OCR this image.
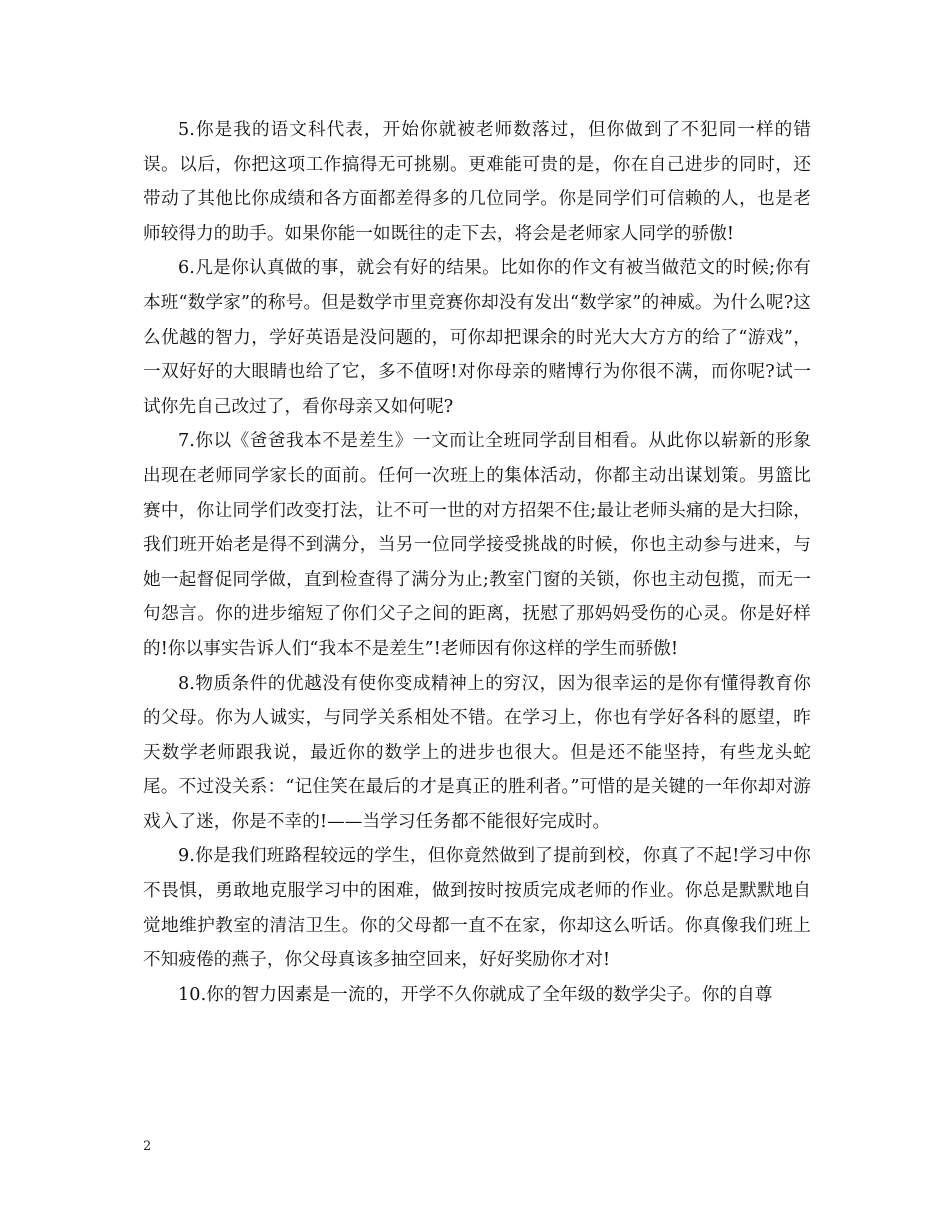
5.你是我的语文科代表，开始你就被老师数落过，但你做到了不犯同一样的错误。以后，你把这项工作搞得无可挑剔。更难能可贵的是，你在自己进步的同时，还带动了其他比你成绩和各方面都差得多的几位同学。你是同学们可信赖的人，也是老师较得力的助手。如果你能一如既往的走下去，将会是老师家人同学的骄傲!

6.凡是你认真做的事，就会有好的结果。比如你的作文有被当做范文的时候;你有本班“数学家”的称号。但是数学市里竞赛你却没有发出“数学家”的神威。为什么呢?这么优越的智力，学好英语是没问题的，可你却把课余的时光大大方方的给了“游戏”，一双好好的大眼睛也给了它，多不值呀!对你母亲的赌博行为你很不满，而你呢?试一试你先自己改过了，看你母亲又如何呢?

7.你以《爸爸我本不是差生》一文而让全班同学刮目相看。从此你以崭新的形象出现在老师同学家长的面前。任何一次班上的集体活动，你都主动出谋划策。男篮比赛中，你让同学们改变打法，让不可一世的对方招架不住;最让老师头痛的是大扫除，我们班开始老是得不到满分，当另一位同学接受挑战的时候，你也主动参与进来，与她一起督促同学做，直到检查得了满分为止;教室门窗的关锁，你也主动包揽，而无一句怨言。你的进步缩短了你们父子之间的距离，抚慰了那妈妈受伤的心灵。你是好样的!你以事实告诉人们“我本不是差生”!老师因有你这样的学生而骄傲!

8.物质条件的优越没有使你变成精神上的穷汉，因为很幸运的是你有懂得教育你的父母。你为人诚实，与同学关系相处不错。在学习上，你也有学好各科的愿望，昨天数学老师跟我说，最近你的数学上的进步也很大。但是还不能坚持，有些龙头蛇尾。不过没关系：“记住笑在最后的才是真正的胜利者。”可惜的是关键的一年你却对游戏入了迷，你是不幸的!——当学习任务都不能很好完成时。

9.你是我们班路程较远的学生，但你竟然做到了提前到校，你真了不起!学习中你不畏惧，勇敢地克服学习中的困难，做到按时按质完成老师的作业。你总是默默地自觉地维护教室的清洁卫生。你的父母都一直不在家，你却这么听话。你真像我们班上不知疲倦的燕子，你父母真该多抽空回来，好好奖励你才对!

10.你的智力因素是一流的，开学不久你就成了全年级的数学尖子。你的自尊

2
